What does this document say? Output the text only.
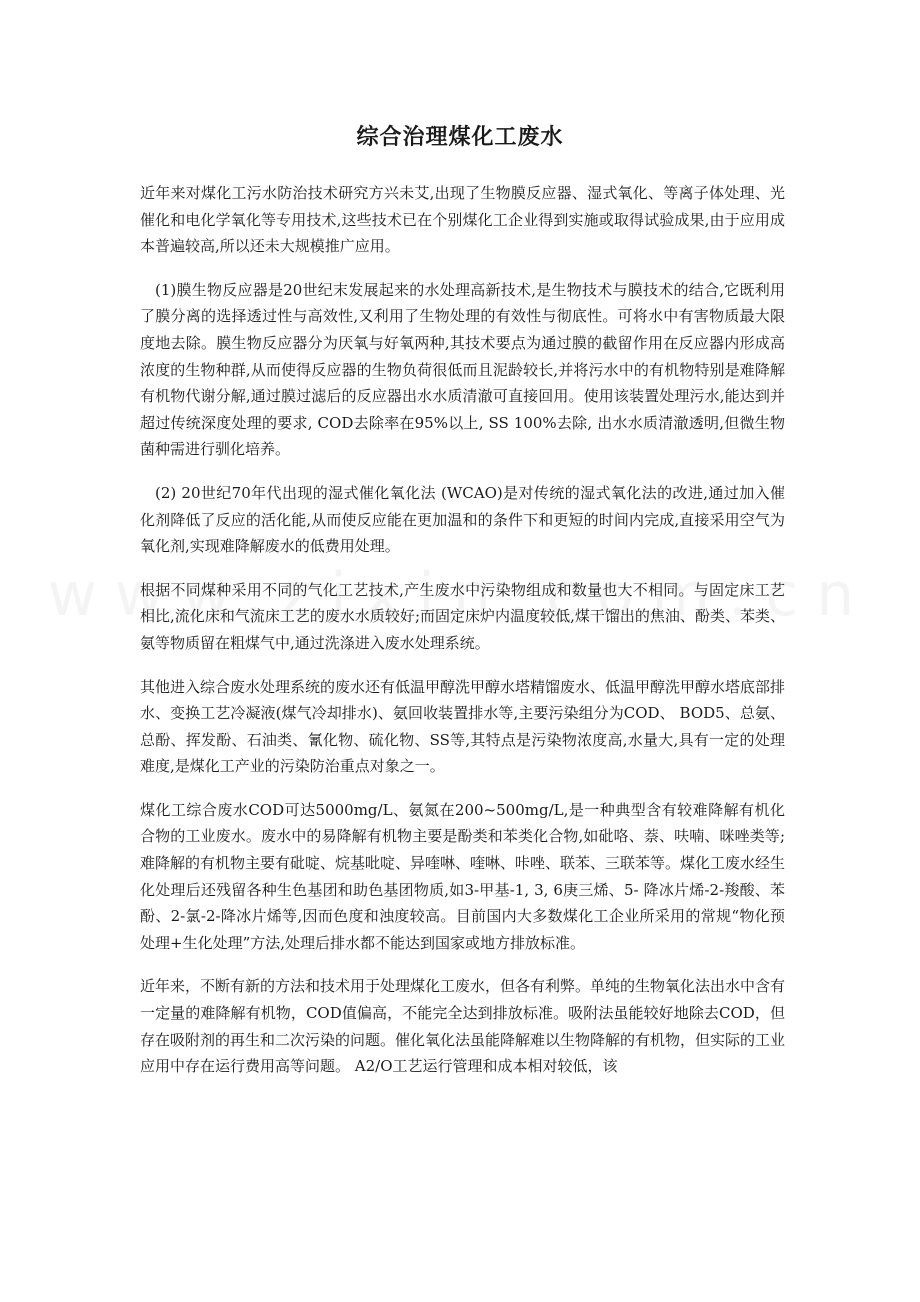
综合治理煤化工废水

近年来对煤化工污水防治技术研究方兴未艾,出现了生物膜反应器、湿式氧化、等离子体处理、光催化和电化学氧化等专用技术,这些技术已在个别煤化工企业得到实施或取得试验成果,由于应用成本普遍较高,所以还未大规模推广应用。

(1)膜生物反应器是20世纪末发展起来的水处理高新技术,是生物技术与膜技术的结合,它既利用了膜分离的选择透过性与高效性,又利用了生物处理的有效性与彻底性。可将水中有害物质最大限度地去除。膜生物反应器分为厌氧与好氧两种,其技术要点为通过膜的截留作用在反应器内形成高浓度的生物种群,从而使得反应器的生物负荷很低而且泥龄较长,并将污水中的有机物特别是难降解有机物代谢分解,通过膜过滤后的反应器出水水质清澈可直接回用。使用该装置处理污水,能达到并超过传统深度处理的要求, COD去除率在95%以上, SS 100%去除, 出水水质清澈透明,但微生物菌种需进行驯化培养。

(2) 20世纪70年代出现的湿式催化氧化法 (WCAO)是对传统的湿式氧化法的改进,通过加入催化剂降低了反应的活化能,从而使反应能在更加温和的条件下和更短的时间内完成,直接采用空气为氧化剂,实现难降解废水的低费用处理。

根据不同煤种采用不同的气化工艺技术,产生废水中污染物组成和数量也大不相同。与固定床工艺相比,流化床和气流床工艺的废水水质较好;而固定床炉内温度较低,煤干馏出的焦油、酚类、苯类、氨等物质留在粗煤气中,通过洗涤进入废水处理系统。

其他进入综合废水处理系统的废水还有低温甲醇洗甲醇水塔精馏废水、低温甲醇洗甲醇水塔底部排水、变换工艺冷凝液(煤气冷却排水)、氨回收装置排水等,主要污染组分为COD、 BOD5、总氨、总酚、挥发酚、石油类、氰化物、硫化物、SS等,其特点是污染物浓度高,水量大,具有一定的处理难度,是煤化工产业的污染防治重点对象之一。

煤化工综合废水COD可达5000mg/L、氨氮在200~500mg/L,是一种典型含有较难降解有机化合物的工业废水。废水中的易降解有机物主要是酚类和苯类化合物,如砒咯、萘、呋喃、咪唑类等;难降解的有机物主要有砒啶、烷基吡啶、异喹啉、喹啉、咔唑、联苯、三联苯等。煤化工废水经生化处理后还残留各种生色基团和助色基团物质,如3-甲基-1, 3, 6庚三烯、5- 降冰片烯-2-羧酸、苯酚、2-氯-2-降冰片烯等,因而色度和浊度较高。目前国内大多数煤化工企业所采用的常规“物化预处理+生化处理”方法,处理后排水都不能达到国家或地方排放标准。

近年来，不断有新的方法和技术用于处理煤化工废水，但各有利弊。单纯的生物氧化法出水中含有一定量的难降解有机物，COD值偏高，不能完全达到排放标准。吸附法虽能较好地除去COD，但存在吸附剂的再生和二次污染的问题。催化氧化法虽能降解难以生物降解的有机物，但实际的工业应用中存在运行费用高等问题。 A2/O工艺运行管理和成本相对较低，该
